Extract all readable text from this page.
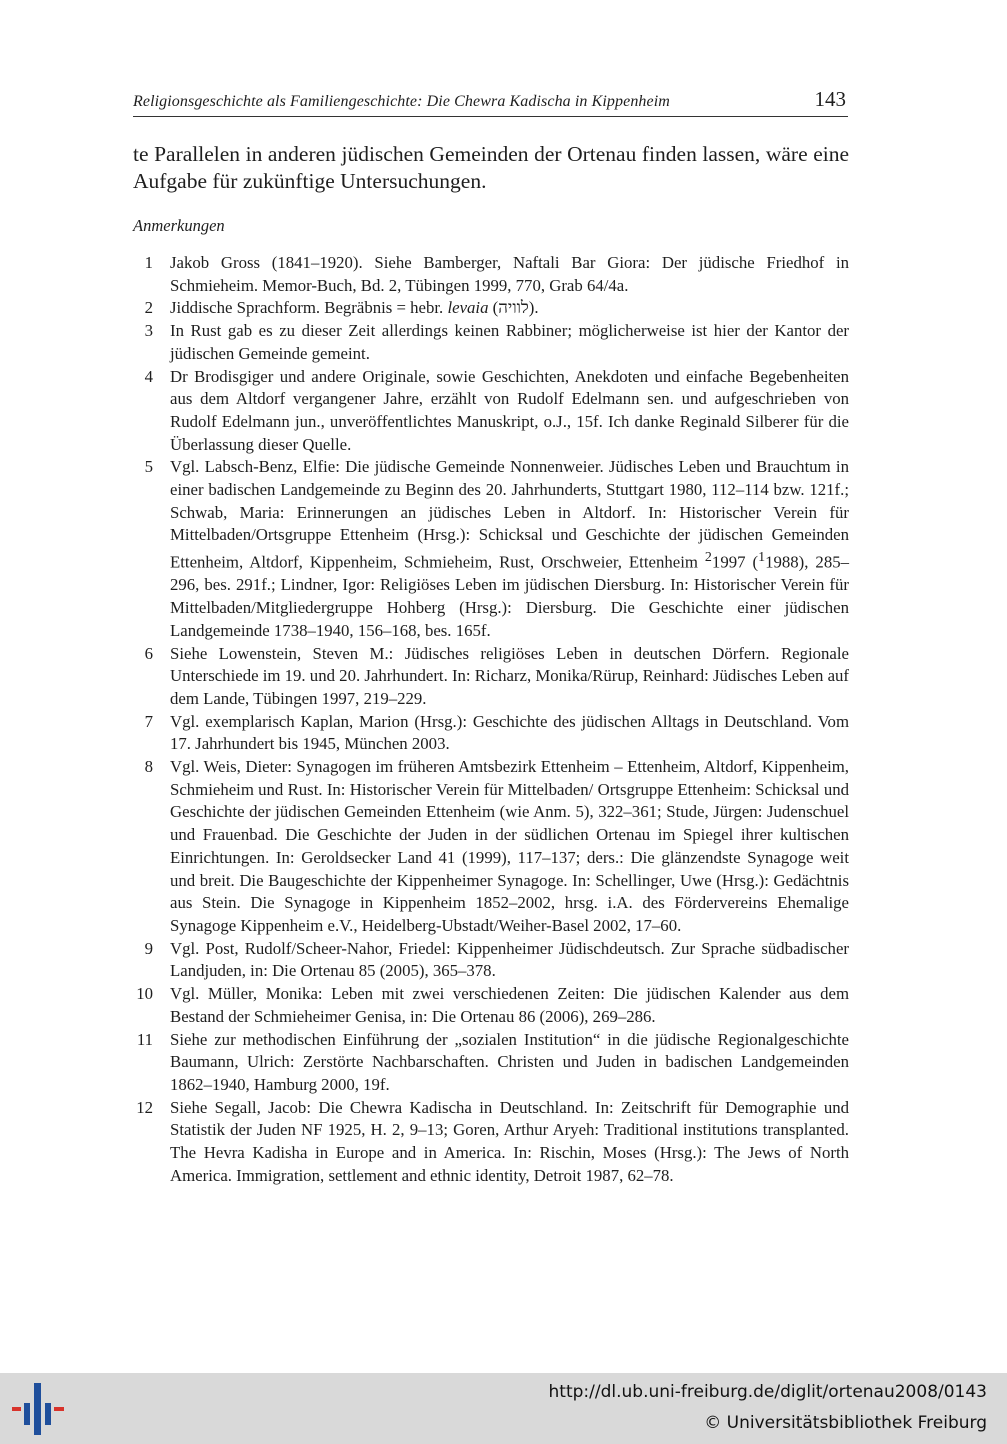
Religionsgeschichte als Familiengeschichte: Die Chewra Kadischa in Kippenheim	143

te Parallelen in anderen jüdischen Gemeinden der Ortenau finden lassen, wäre eine Aufgabe für zukünftige Untersuchungen.

Anmerkungen
1 Jakob Gross (1841–1920). Siehe Bamberger, Naftali Bar Giora: Der jüdische Friedhof in Schmieheim. Memor-Buch, Bd. 2, Tübingen 1999, 770, Grab 64/4a.
2 Jiddische Sprachform. Begräbnis = hebr. levaia (לוויה).
3 In Rust gab es zu dieser Zeit allerdings keinen Rabbiner; möglicherweise ist hier der Kantor der jüdischen Gemeinde gemeint.
4 Dr Brodisgiger und andere Originale, sowie Geschichten, Anekdoten und einfache Begebenheiten aus dem Altdorf vergangener Jahre, erzählt von Rudolf Edelmann sen. und aufgeschrieben von Rudolf Edelmann jun., unveröffentlichtes Manuskript, o.J., 15f. Ich danke Reginald Silberer für die Überlassung dieser Quelle.
5 Vgl. Labsch-Benz, Elfie: Die jüdische Gemeinde Nonnenweier. Jüdisches Leben und Brauchtum in einer badischen Landgemeinde zu Beginn des 20. Jahrhunderts, Stuttgart 1980, 112–114 bzw. 121f.; Schwab, Maria: Erinnerungen an jüdisches Leben in Altdorf. In: Historischer Verein für Mittelbaden/Ortsgruppe Ettenheim (Hrsg.): Schicksal und Geschichte der jüdischen Gemeinden Ettenheim, Altdorf, Kippenheim, Schmieheim, Rust, Orschweier, Ettenheim $^2$1997 ($^1$1988), 285–296, bes. 291f.; Lindner, Igor: Religiöses Leben im jüdischen Diersburg. In: Historischer Verein für Mittelbaden/Mitgliedergruppe Hohberg (Hrsg.): Diersburg. Die Geschichte einer jüdischen Landgemeinde 1738–1940, 156–168, bes. 165f.
6 Siehe Lowenstein, Steven M.: Jüdisches religiöses Leben in deutschen Dörfern. Regionale Unterschiede im 19. und 20. Jahrhundert. In: Richarz, Monika/Rürup, Reinhard: Jüdisches Leben auf dem Lande, Tübingen 1997, 219–229.
7 Vgl. exemplarisch Kaplan, Marion (Hrsg.): Geschichte des jüdischen Alltags in Deutschland. Vom 17. Jahrhundert bis 1945, München 2003.
8 Vgl. Weis, Dieter: Synagogen im früheren Amtsbezirk Ettenheim – Ettenheim, Altdorf, Kippenheim, Schmieheim und Rust. In: Historischer Verein für Mittelbaden/ Ortsgruppe Ettenheim: Schicksal und Geschichte der jüdischen Gemeinden Ettenheim (wie Anm. 5), 322–361; Stude, Jürgen: Judenschuel und Frauenbad. Die Geschichte der Juden in der südlichen Ortenau im Spiegel ihrer kultischen Einrichtungen. In: Geroldsecker Land 41 (1999), 117–137; ders.: Die glänzendste Synagoge weit und breit. Die Baugeschichte der Kippenheimer Synagoge. In: Schellinger, Uwe (Hrsg.): Gedächtnis aus Stein. Die Synagoge in Kippenheim 1852–2002, hrsg. i.A. des Fördervereins Ehemalige Synagoge Kippenheim e.V., Heidelberg-Ubstadt/Weiher-Basel 2002, 17–60.
9 Vgl. Post, Rudolf/Scheer-Nahor, Friedel: Kippenheimer Jüdischdeutsch. Zur Sprache südbadischer Landjuden, in: Die Ortenau 85 (2005), 365–378.
10 Vgl. Müller, Monika: Leben mit zwei verschiedenen Zeiten: Die jüdischen Kalender aus dem Bestand der Schmieheimer Genisa, in: Die Ortenau 86 (2006), 269–286.
11 Siehe zur methodischen Einführung der „sozialen Institution“ in die jüdische Regionalgeschichte Baumann, Ulrich: Zerstörte Nachbarschaften. Christen und Juden in badischen Landgemeinden 1862–1940, Hamburg 2000, 19f.
12 Siehe Segall, Jacob: Die Chewra Kadischa in Deutschland. In: Zeitschrift für Demographie und Statistik der Juden NF 1925, H. 2, 9–13; Goren, Arthur Aryeh: Traditional institutions transplanted. The Hevra Kadisha in Europe and in America. In: Rischin, Moses (Hrsg.): The Jews of North America. Immigration, settlement and ethnic identity, Detroit 1987, 62–78.
http://dl.ub.uni-freiburg.de/diglit/ortenau2008/0143
© Universitätsbibliothek Freiburg
